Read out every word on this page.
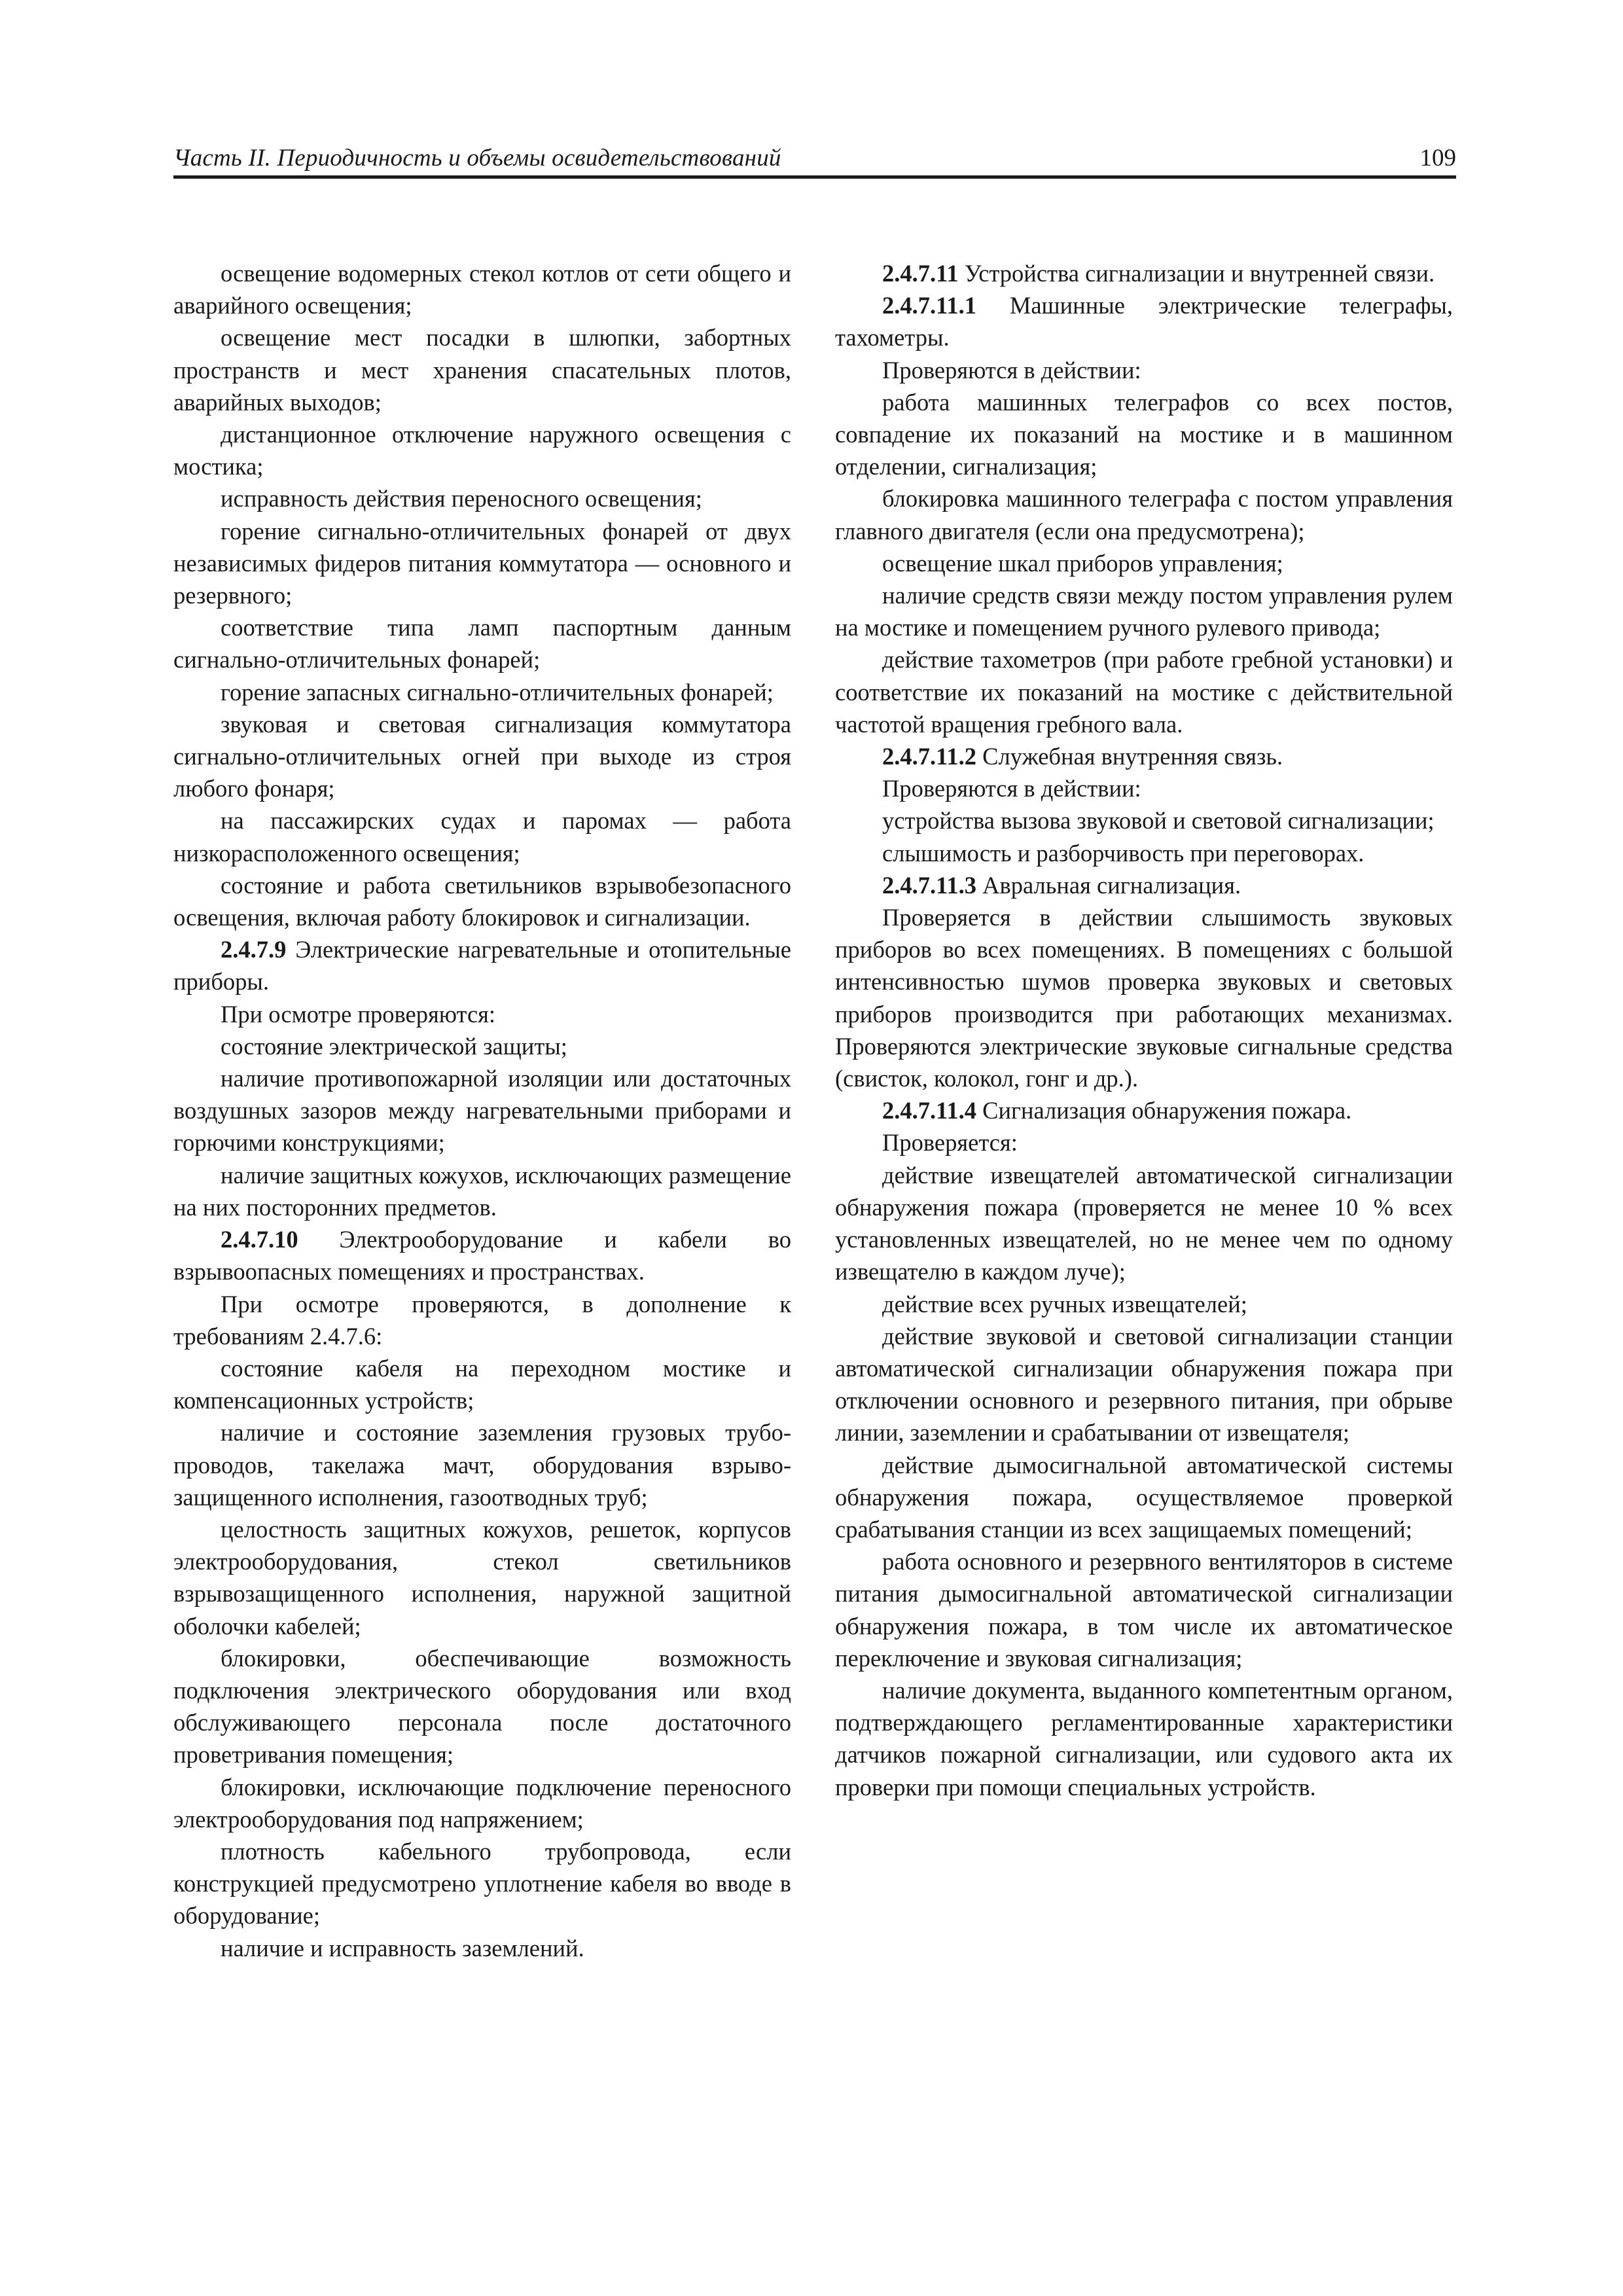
Часть II. Периодичность и объемы освидетельствований	109

освещение водомерных стекол котлов от сети общего и аварийного освещения;

освещение мест посадки в шлюпки, забортных пространств и мест хранения спасательных плотов, аварийных выходов;

дистанционное отключение наружного освещения с мостика;

исправность действия переносного освещения;

горение сигнально-отличительных фонарей от двух независимых фидеров питания коммутатора — основного и резервного;

соответствие типа ламп паспортным данным сигнально-отличительных фонарей;

горение запасных сигнально-отличительных фонарей;

звуковая и световая сигнализация коммутатора сигнально-отличительных огней при выходе из строя любого фонаря;

на пассажирских судах и паромах — работа низкорасположенного освещения;

состояние и работа светильников взрывобезопасного освещения, включая работу блокировок и сигнализации.

2.4.7.9 Электрические нагревательные и отопительные приборы.

При осмотре проверяются:

состояние электрической защиты;

наличие противопожарной изоляции или достаточных воздушных зазоров между нагревательными приборами и горючими конструкциями;

наличие защитных кожухов, исключающих размещение на них посторонних предметов.

2.4.7.10 Электрооборудование и кабели во взрывоопасных помещениях и пространствах.

При осмотре проверяются, в дополнение к требованиям 2.4.7.6:

состояние кабеля на переходном мостике и компенсационных устройств;

наличие и состояние заземления грузовых трубопроводов, такелажа мачт, оборудования взрывозащищенного исполнения, газоотводных труб;

целостность защитных кожухов, решеток, корпусов электрооборудования, стекол светильников взрывозащищенного исполнения, наружной защитной оболочки кабелей;

блокировки, обеспечивающие возможность подключения электрического оборудования или вход обслуживающего персонала после достаточного проветривания помещения;

блокировки, исключающие подключение переносного электрооборудования под напряжением;

плотность кабельного трубопровода, если конструкцией предусмотрено уплотнение кабеля во вводе в оборудование;

наличие и исправность заземлений.

2.4.7.11 Устройства сигнализации и внутренней связи.

2.4.7.11.1 Машинные электрические телеграфы, тахометры.

Проверяются в действии:

работа машинных телеграфов со всех постов, совпадение их показаний на мостике и в машинном отделении, сигнализация;

блокировка машинного телеграфа с постом управления главного двигателя (если она предусмотрена);

освещение шкал приборов управления;

наличие средств связи между постом управления рулем на мостике и помещением ручного рулевого привода;

действие тахометров (при работе гребной установки) и соответствие их показаний на мостике с действительной частотой вращения гребного вала.

2.4.7.11.2 Служебная внутренняя связь.

Проверяются в действии:

устройства вызова звуковой и световой сигнализации;

слышимость и разборчивость при переговорах.

2.4.7.11.3 Авральная сигнализация.

Проверяется в действии слышимость звуковых приборов во всех помещениях. В помещениях с большой интенсивностью шумов проверка звуковых и световых приборов производится при работающих механизмах. Проверяются электрические звуковые сигнальные средства (свисток, колокол, гонг и др.).

2.4.7.11.4 Сигнализация обнаружения пожара.

Проверяется:

действие извещателей автоматической сигнализации обнаружения пожара (проверяется не менее 10 % всех установленных извещателей, но не менее чем по одному извещателю в каждом луче);

действие всех ручных извещателей;

действие звуковой и световой сигнализации станции автоматической сигнализации обнаружения пожара при отключении основного и резервного питания, при обрыве линии, заземлении и срабатывании от извещателя;

действие дымосигнальной автоматической системы обнаружения пожара, осуществляемое проверкой срабатывания станции из всех защищаемых помещений;

работа основного и резервного вентиляторов в системе питания дымосигнальной автоматической сигнализации обнаружения пожара, в том числе их автоматическое переключение и звуковая сигнализация;

наличие документа, выданного компетентным органом, подтверждающего регламентированные характеристики датчиков пожарной сигнализации, или судового акта их проверки при помощи специальных устройств.
